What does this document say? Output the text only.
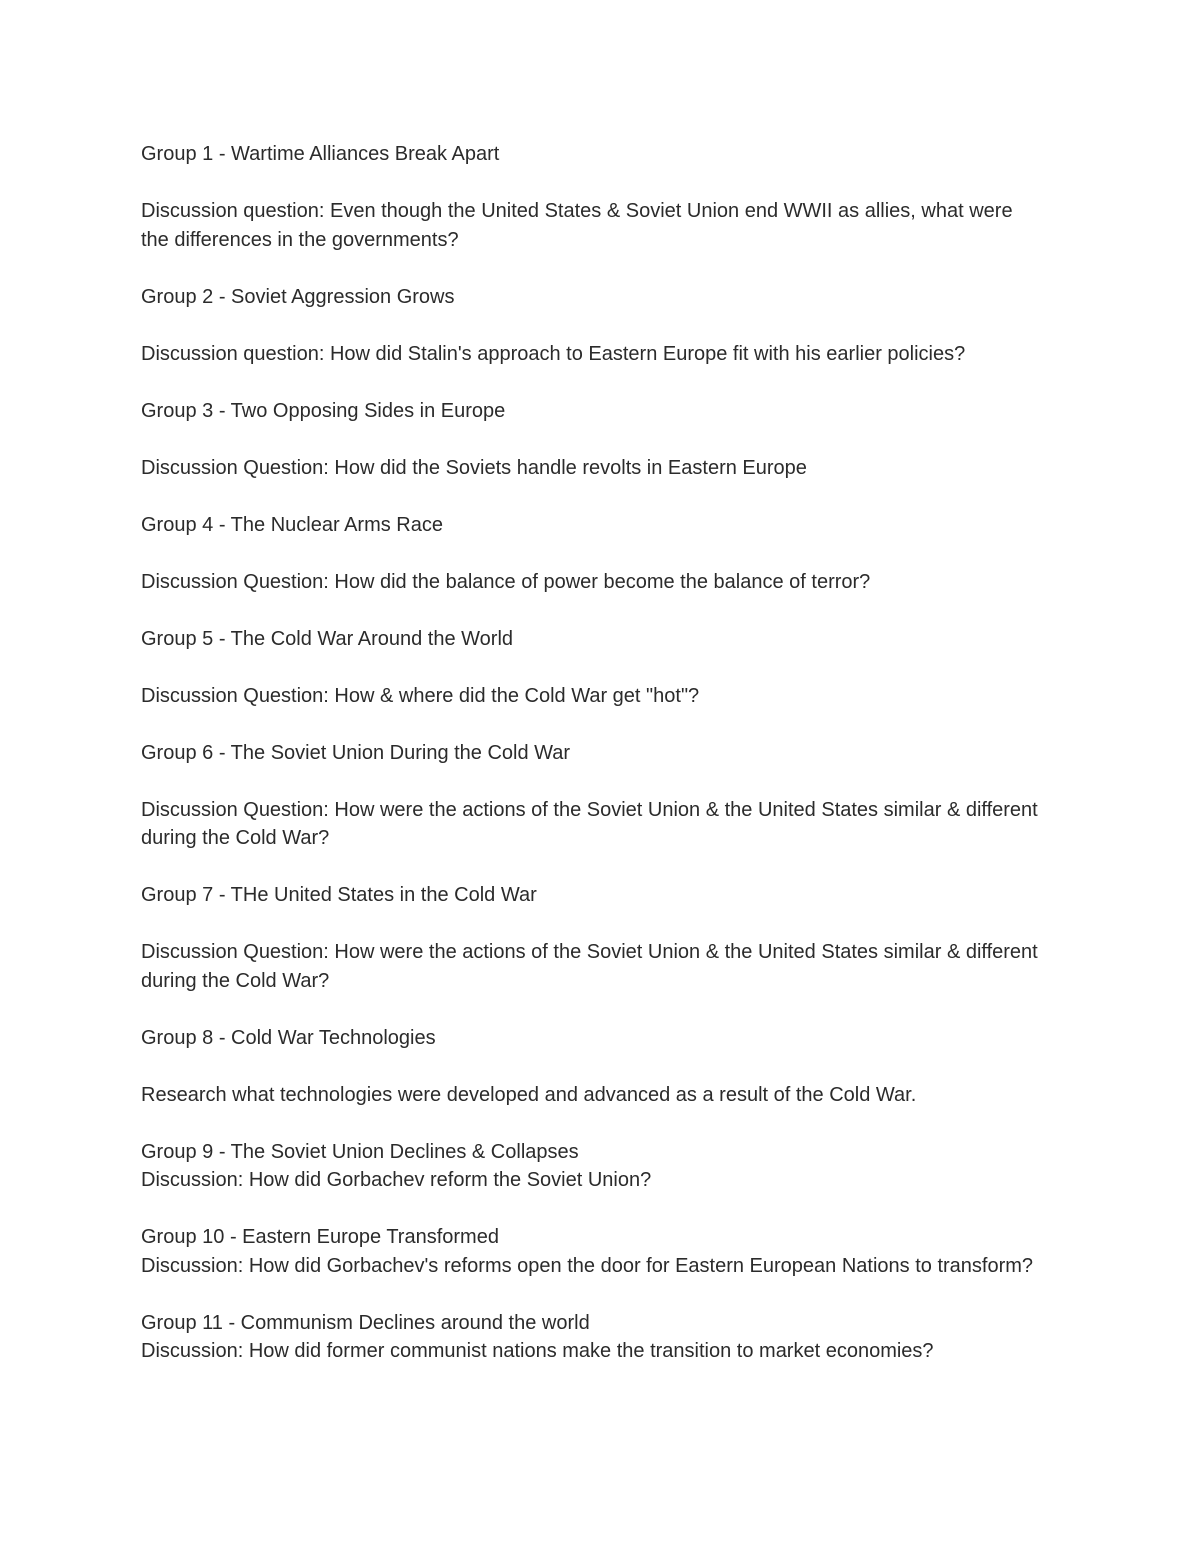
Group 1 - Wartime Alliances Break Apart
Discussion question: Even though the United States & Soviet Union end WWII as allies, what were the differences in the governments?
Group 2 - Soviet Aggression Grows
Discussion question: How did Stalin's approach to Eastern Europe fit with his earlier policies?
Group 3 - Two Opposing Sides in Europe
Discussion Question: How did the Soviets handle revolts in Eastern Europe
Group 4 - The Nuclear Arms Race
Discussion Question: How did the balance of power become the balance of terror?
Group 5 - The Cold War Around the World
Discussion Question: How & where did the Cold War get "hot"?
Group 6 - The Soviet Union During the Cold War
Discussion Question: How were the actions of the Soviet Union & the United States similar & different during the Cold War?
Group 7 - THe United States in the Cold War
Discussion Question: How were the actions of the Soviet Union & the United States similar & different during the Cold War?
Group 8 - Cold War Technologies
Research what technologies were developed and advanced as a result of the Cold War.
Group 9 - The Soviet Union Declines & Collapses
Discussion: How did Gorbachev reform the Soviet Union?
Group 10 - Eastern Europe Transformed
Discussion: How did Gorbachev's reforms open the door for Eastern European Nations to transform?
Group 11 - Communism Declines around the world
Discussion: How did former communist nations make the transition to market economies?
